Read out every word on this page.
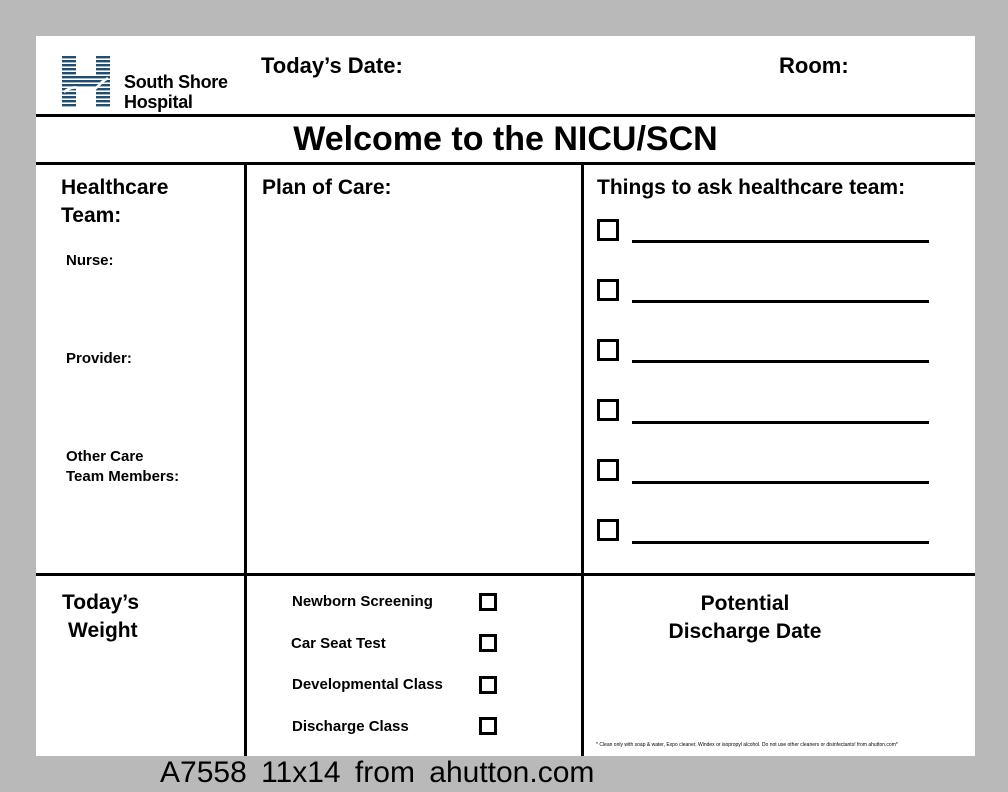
South Shore
Hospital
Today’s Date:	Room:
Welcome to the NICU/SCN
Healthcare
Team:
Nurse:
Provider:
Other Care
Team Members:
Plan of Care:	Things to ask healthcare team:
Today’s
Weight
Newborn Screening
Car Seat Test
Developmental Class
Discharge Class
Potential
Discharge Date
* Clean only with soap & water, Expo cleaner, Windex or isopropyl alcohol. Do not use other cleaners or disinfectants! from ahutton.com*
A7558 11x14 from ahutton.com
